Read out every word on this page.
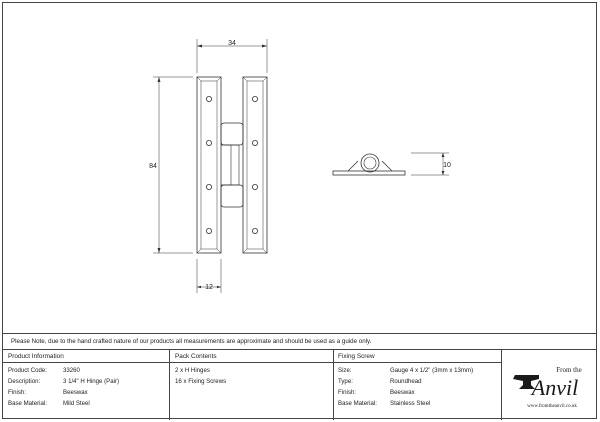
34
84
12
10
Please Note, due to the hand crafted nature of our products all measurements are approximate and should be used as a guide only.
Product Information
Product Code:	33260
Description:	3 1/4" H Hinge (Pair)
Finish:	Beeswax
Base Material:	Mild Steel
Pack Contents
2 x H Hinges
16 x Fixing Screws
Fixing Screw
Size:	Gauge 4 x 1/2" (3mm x 13mm)
Type:	Roundhead
Finish:	Beeswax
Base Material: Stainless Steel
From the
Anvil
www.fromtheanvil.co.uk
